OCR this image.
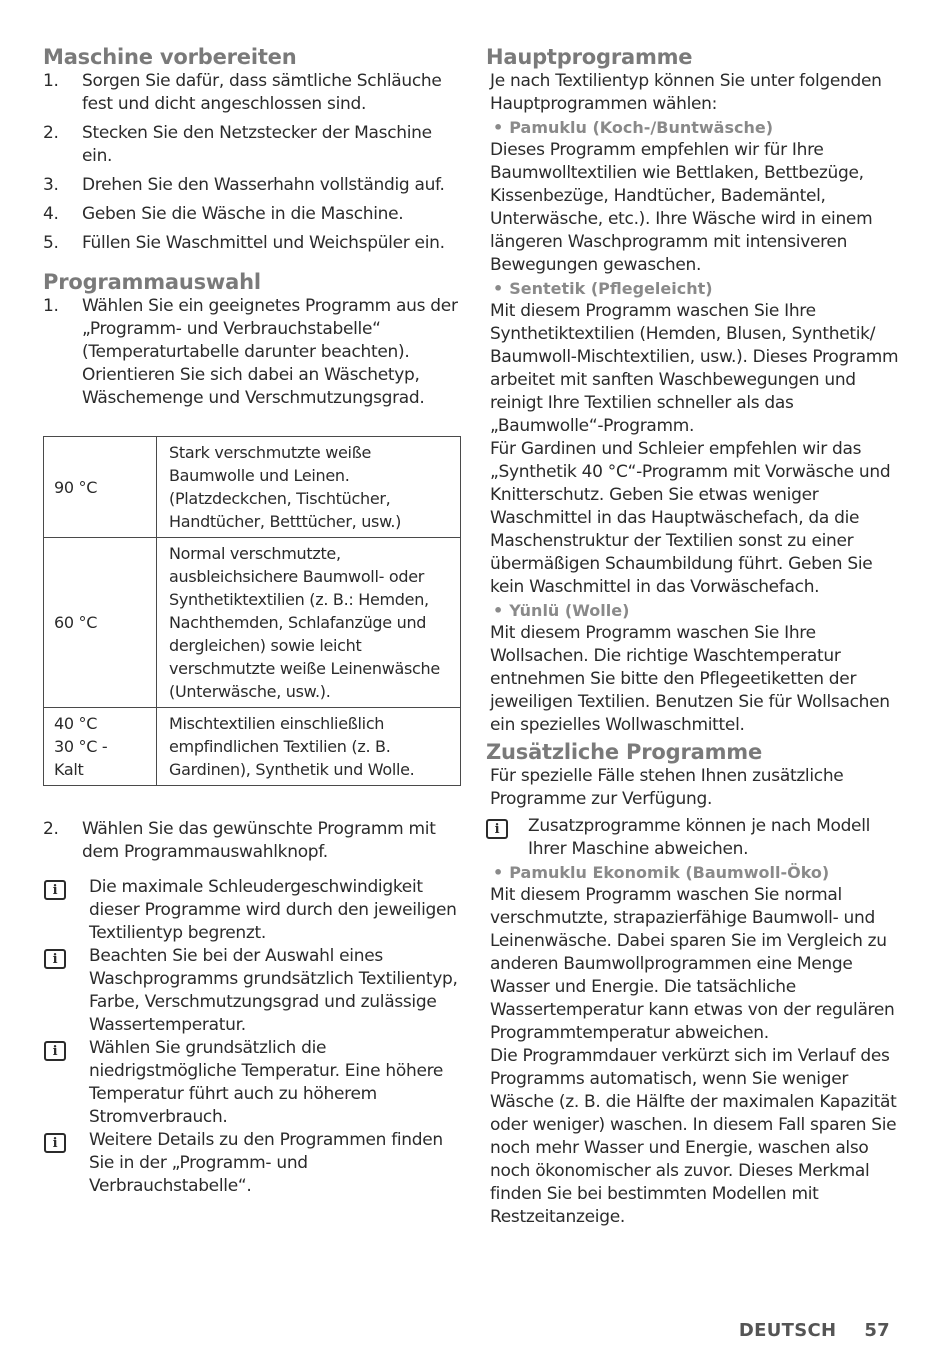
Maschine vorbereiten
1. Sorgen Sie dafür, dass sämtliche Schläuche fest und dicht angeschlossen sind.
2. Stecken Sie den Netzstecker der Maschine ein.
3. Drehen Sie den Wasserhahn vollständig auf.
4. Geben Sie die Wäsche in die Maschine.
5. Füllen Sie Waschmittel und Weichspüler ein.
Programmauswahl
1. Wählen Sie ein geeignetes Programm aus der „Programm- und Verbrauchstabelle“ (Temperaturtabelle darunter beachten). Orientieren Sie sich dabei an Wäschetyp, Wäschemenge und Verschmutzungsgrad.
90 °C	Stark verschmutzte weiße Baumwolle und Leinen. (Platzdeckchen, Tischtücher, Handtücher, Betttücher, usw.)
60 °C	Normal verschmutzte, ausbleichsichere Baumwoll- oder Synthetiktextilien (z. B.: Hemden, Nachthemden, Schlafanzüge und dergleichen) sowie leicht verschmutzte weiße Leinenwäsche (Unterwäsche, usw.).

40 °C
30 °C -
Kalt	Mischtextilien einschließlich empfindlichen Textilien (z. B. Gardinen), Synthetik und Wolle.
2. Wählen Sie das gewünschte Programm mit dem Programmauswahlknopf.
i Die maximale Schleudergeschwindigkeit dieser Programme wird durch den jeweiligen Textilientyp begrenzt.
i Beachten Sie bei der Auswahl eines Waschprogramms grundsätzlich Textilientyp, Farbe, Verschmutzungsgrad und zulässige Wassertemperatur.
i Wählen Sie grundsätzlich die niedrigstmögliche Temperatur. Eine höhere Temperatur führt auch zu höherem Stromverbrauch.
i Weitere Details zu den Programmen finden Sie in der „Programm- und Verbrauchstabelle“.
Hauptprogramme

Je nach Textilientyp können Sie unter folgenden Hauptprogrammen wählen:

• Pamuklu (Koch-/Buntwäsche)

Dieses Programm empfehlen wir für Ihre Baumwolltextilien wie Bettlaken, Bettbezüge, Kissenbezüge, Handtücher, Bademäntel, Unterwäsche, etc.). Ihre Wäsche wird in einem längeren Waschprogramm mit intensiveren Bewegungen gewaschen.

• Sentetik (Pflegeleicht)

Mit diesem Programm waschen Sie Ihre Synthetiktextilien (Hemden, Blusen, Synthetik/ Baumwoll-Mischtextilien, usw.). Dieses Programm arbeitet mit sanften Waschbewegungen und reinigt Ihre Textilien schneller als das „Baumwolle“-Programm.

Für Gardinen und Schleier empfehlen wir das „Synthetik 40 °C“-Programm mit Vorwäsche und Knitterschutz. Geben Sie etwas weniger Waschmittel in das Hauptwäschefach, da die Maschenstruktur der Textilien sonst zu einer übermäßigen Schaumbildung führt. Geben Sie kein Waschmittel in das Vorwäschefach.

• Yünlü (Wolle)

Mit diesem Programm waschen Sie Ihre Wollsachen. Die richtige Waschtemperatur entnehmen Sie bitte den Pflegeetiketten der jeweiligen Textilien. Benutzen Sie für Wollsachen ein spezielles Wollwaschmittel.

Zusätzliche Programme

Für spezielle Fälle stehen Ihnen zusätzliche Programme zur Verfügung.

i Zusatzprogramme können je nach Modell Ihrer Maschine abweichen.

• Pamuklu Ekonomik (Baumwoll-Öko)

Mit diesem Programm waschen Sie normal verschmutzte, strapazierfähige Baumwoll- und Leinenwäsche. Dabei sparen Sie im Vergleich zu anderen Baumwollprogrammen eine Menge Wasser und Energie. Die tatsächliche Wassertemperatur kann etwas von der regulären Programmtemperatur abweichen.

Die Programmdauer verkürzt sich im Verlauf des Programms automatisch, wenn Sie weniger Wäsche (z. B. die Hälfte der maximalen Kapazität oder weniger) waschen. In diesem Fall sparen Sie noch mehr Wasser und Energie, waschen also noch ökonomischer als zuvor. Dieses Merkmal finden Sie bei bestimmten Modellen mit Restzeitanzeige.

DEUTSCH 57
